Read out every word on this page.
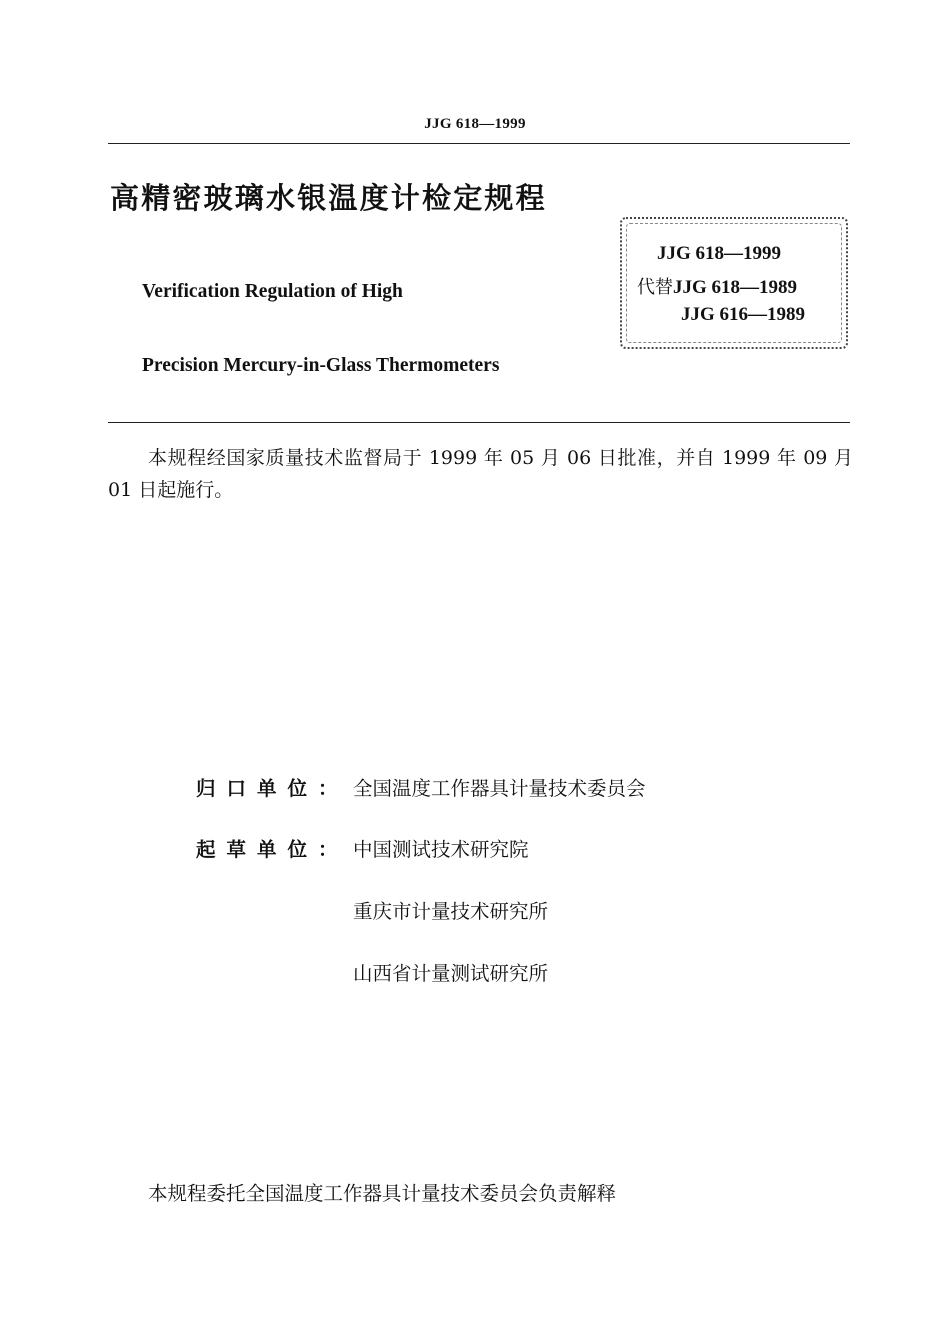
JJG 618—1999
高精密玻璃水银温度计检定规程
Verification Regulation of High
Precision Mercury-in-Glass Thermometers
JJG 618—1999
代替JJG 618—1989
JJG 616—1989
本规程经国家质量技术监督局于 1999 年 05 月 06 日批准，并自 1999 年 09 月 01 日起施行。
归口单位： 全国温度工作器具计量技术委员会
起草单位： 中国测试技术研究院
重庆市计量技术研究所
山西省计量测试研究所
本规程委托全国温度工作器具计量技术委员会负责解释
